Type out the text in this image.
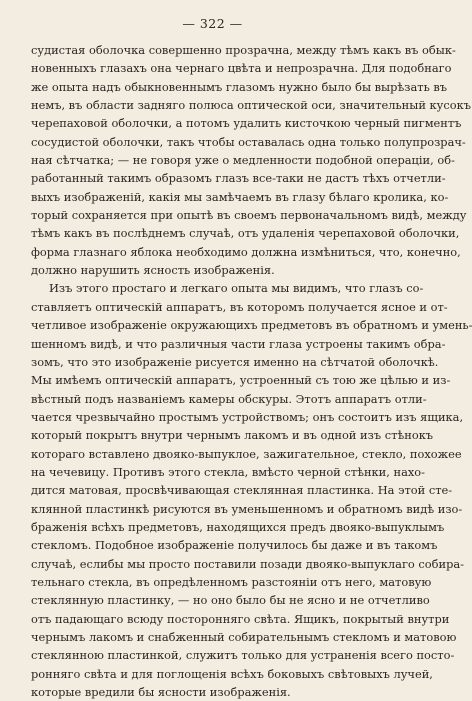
— 322 —
судистая оболочка совершенно прозрачна, между тѣмъ какъ въ обык-
новенныхъ глазахъ она чернаго цвѣта и непрозрачна. Для подобнаго
же опыта надъ обыкновеннымъ глазомъ нужно было бы вырѣзать въ
немъ, въ области задняго полюса оптической оси, значительный кусокъ
черепаховой оболочки, а потомъ удалить кисточкою черный пигментъ
сосудистой оболочки, такъ чтобы оставалась одна только полупрозрач-
ная сѣтчатка; — не говоря уже о медленности подобной операціи, об-
работанный такимъ образомъ глазъ все-таки не дастъ тѣхъ отчетли-
выхъ изображеній, какія мы замѣчаемъ въ глазу бѣлаго кролика, ко-
торый сохраняется при опытѣ въ своемъ первоначальномъ видѣ, между
тѣмъ какъ въ послѣднемъ случаѣ, отъ удаленія черепаховой оболочки,
форма глазнаго яблока необходимо должна измѣниться, что, конечно,
должно нарушить ясность изображенія.
Изъ этого простаго и легкаго опыта мы видимъ, что глазъ со-
ставляетъ оптическій аппаратъ, въ которомъ получается ясное и от-
четливое изображеніе окружающихъ предметовъ въ обратномъ и умень-
шенномъ видѣ, и что различныя части глаза устроены такимъ обра-
зомъ, что это изображеніе рисуется именно на сѣтчатой оболочкѣ.
Мы имѣемъ оптическій аппаратъ, устроенный съ тою же цѣлью и из-
вѣстный подъ названіемъ камеры обскуры. Этотъ аппаратъ отли-
чается чрезвычайно простымъ устройствомъ; онъ состоитъ изъ ящика,
который покрытъ внутри чернымъ лакомъ и въ одной изъ стѣнокъ
котораго вставлено двояко-выпуклое, зажигательное, стекло, похожее
на чечевицу. Противъ этого стекла, вмѣсто черной стѣнки, нахо-
дится матовая, просвѣчивающая стеклянная пластинка. На этой сте-
клянной пластинкѣ рисуются въ уменьшенномъ и обратномъ видѣ изо-
браженія всѣхъ предметовъ, находящихся предъ двояко-выпуклымъ
стекломъ. Подобное изображеніе получилось бы даже и въ такомъ
случаѣ, еслибы мы просто поставили позади двояко-выпуклаго собира-
тельнаго стекла, въ опредѣленномъ разстояніи отъ него, матовую
стеклянную пластинку, — но оно было бы не ясно и не отчетливо
отъ падающаго всюду посторонняго свѣта. Ящикъ, покрытый внутри
чернымъ лакомъ и снабженный собирательнымъ стекломъ и матовою
стеклянною пластинкой, служитъ только для устраненія всего посто-
ронняго свѣта и для поглощенія всѣхъ боковыхъ свѣтовыхъ лучей,
которые вредили бы ясности изображенія.
